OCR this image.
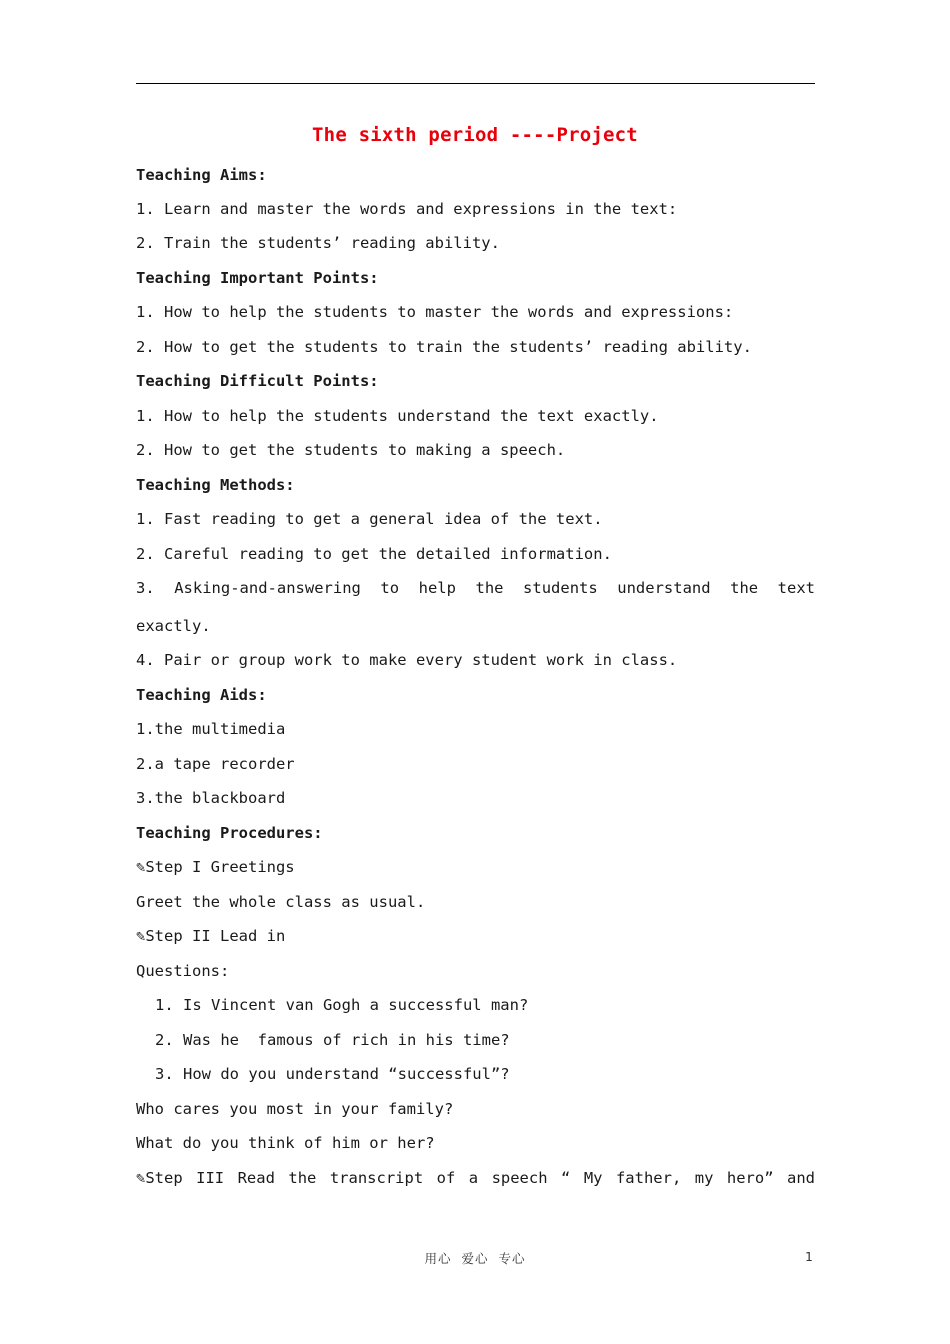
The sixth period ----Project
Teaching Aims:
1. Learn and master the words and expressions in the text:
2. Train the students’ reading ability.
Teaching Important Points:
1. How to help the students to master the words and expressions:
2. How to get the students to train the students’ reading ability.
Teaching Difficult Points:
1. How to help the students understand the text exactly.
2. How to get the students to making a speech.
Teaching Methods:
1. Fast reading to get a general idea of the text.
2. Careful reading to get the detailed information.
3. Asking-and-answering to help the students understand the text
exactly.
4. Pair or group work to make every student work in class.
Teaching Aids:
1.the multimedia
2.a tape recorder
3.the blackboard
Teaching Procedures:
✎Step I Greetings
Greet the whole class as usual.
✎Step II Lead in
Questions:
1. Is Vincent van Gogh a successful man?
2. Was he  famous of rich in his time?
3. How do you understand “successful”?
Who cares you most in your family?
What do you think of him or her?
✎Step III Read the transcript of a speech “ My father, my hero” and
用心  爱心  专心	1
